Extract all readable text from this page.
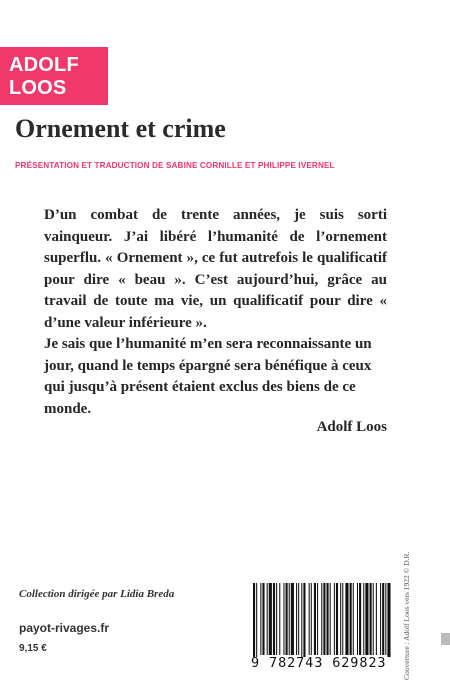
ADOLF
LOOS
Ornement et crime
PRÉSENTATION ET TRADUCTION DE SABINE CORNILLE ET PHILIPPE IVERNEL

D’un combat de trente années, je suis sorti vainqueur. J’ai libéré l’humanité de l’ornement superflu. « Ornement », ce fut autrefois le qualificatif pour dire « beau ». C’est aujourd’hui, grâce au travail de toute ma vie, un qualificatif pour dire « d’une valeur inférieure ».

Je sais que l’humanité m’en sera reconnaissante un jour, quand le temps épargné sera bénéfique à ceux qui jusqu’à présent étaient exclus des biens de ce monde.

Adolf Loos
Collection dirigée par Lidia Breda
payot-rivages.fr
9,15 €
9 782743 629823	Couverture : Adolf Loos vers 1922 © D.R.
